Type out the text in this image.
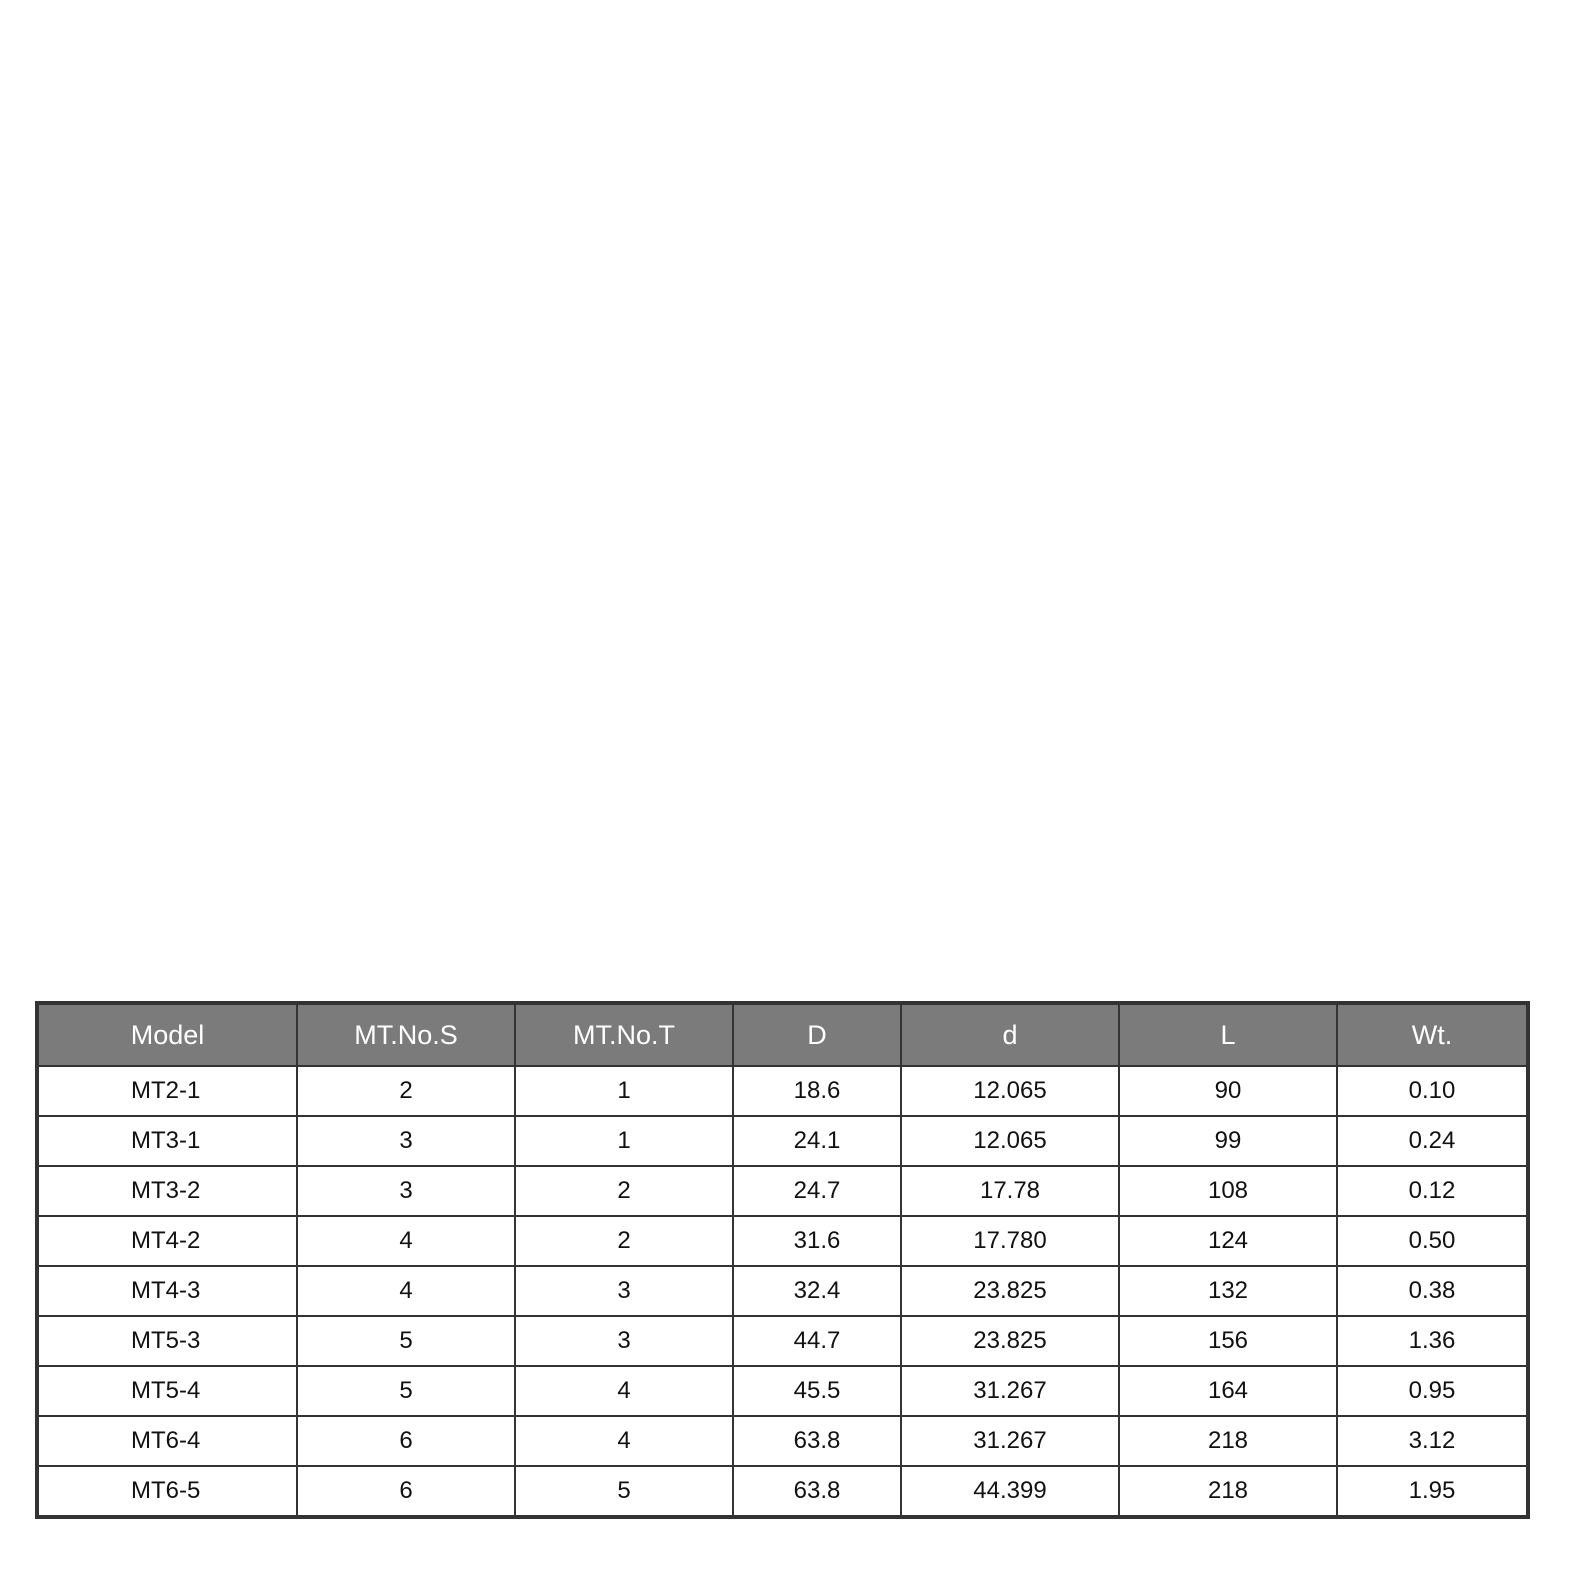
Model	MT.No.S	MT.No.T	D	d	L	Wt.
MT2-1	2	1	18.6	12.065	90	0.10
MT3-1	3	1	24.1	12.065	99	0.24
MT3-2	3	2	24.7	17.78	108	0.12
MT4-2	4	2	31.6	17.780	124	0.50
MT4-3	4	3	32.4	23.825	132	0.38
MT5-3	5	3	44.7	23.825	156	1.36
MT5-4	5	4	45.5	31.267	164	0.95
MT6-4	6	4	63.8	31.267	218	3.12
MT6-5	6	5	63.8	44.399	218	1.95
